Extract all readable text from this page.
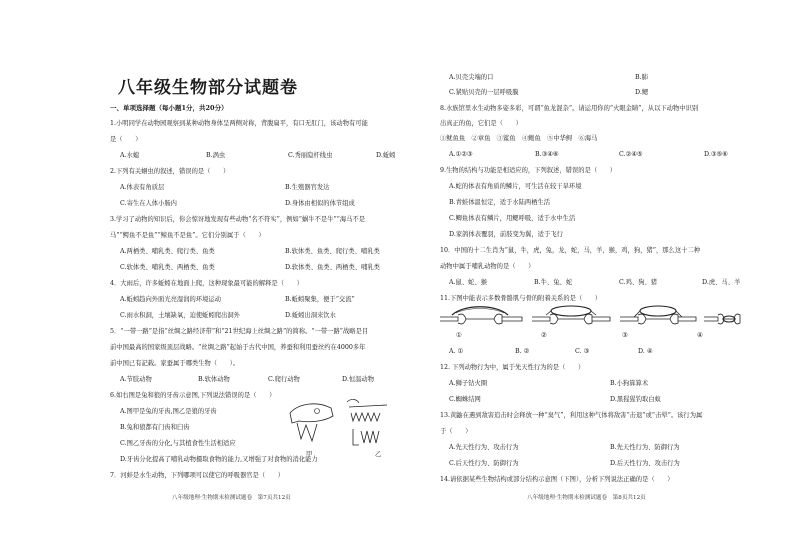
八年级生物部分试题卷
一、单项选择题（每小题1分，共20分）
1.小明同学在动物园观察到某种动物身体呈两侧对称，背腹扁平，有口无肛门，该动物有可能
是（　　）
A.水螅	B.涡虫	C.秀丽隐杆线虫	D.蚯蚓
2.下列有关蛔虫的叙述，错误的是（　　）
A.体表有角质层	B.生殖器官发达
C.寄生在人体小肠内	D.身体由相似的体节组成
3.学习了动物的知识后，你会惊讶地发现有些动物“名不符实”，例如“蜗牛不是牛”“海马不是
马”“鳄鱼不是鱼”“鲸鱼不是鱼”。它们分别属于（　　）
A.两栖类、哺乳类、爬行类、鱼类	B.软体类、鱼类、爬行类、哺乳类
C.软体类、哺乳类、两栖类、鱼类	D.软体类、鱼类、两栖类、哺乳类
4．大雨后，许多蚯蚓在地面上爬，这种现象最可能的解释是（　　）
A.蚯蚓趋向外面光亮湿润的环境运动	B.蚯蚓聚集，便于“交流”
C.雨水积洞，土壤缺氧，迫使蚯蚓爬出洞外	D.蚯蚓出洞来饮水
5．“一带一路”是指“丝绸之路经济带”和“21世纪海上丝绸之路”的简称。“一带一路”战略是目
前中国最高的国家级顶层战略。“丝绸之路”起始于古代中国，养蚕和利用蚕丝约在4000多年
前中国已有記载。家蚕属于哪类生物（　　）。
A.节肢动物	B.软体动物	C.爬行动物	D.恒温动物
6.如右图是兔和狼的牙齿示意图,下列说法错误的是（　　）
A.图甲是兔的牙齿,图乙是狼的牙齿
B.兔和狼都有门齿和臼齿
C.图乙牙齿的分化,与其植食性生活相适应
D.牙齿分化提高了哺乳动物摄取食物的能力,又增强了对食物的消化能力
甲	乙
7．河蚌是水生动物，下列哪项可以使它的呼吸器官是（　　）
八年级地理·生物期末检测试题卷　第7页共12页
A.贝壳尖端的口	B.肺
C.紧贴贝壳的一层呼吸膜	D.鳃
8.水族馆里水生动物多姿多彩，可谓“鱼龙混杂”。请运用你的“火眼金睛”，从以下动物中识别
出真正的鱼，它们是（　　）
①鱿鱼鱼　②章鱼　③鲨鱼　④鲍鱼　⑤中华鲟　⑥海马
A.①②③	B.③④⑥	C.②④⑤	D.③⑤⑥
9.生物的结构与功能是相适应的，下列叙述，错误的是（　　）
A.蛇的体表有角质的鳞片，可生活在较干旱环境
B.青蛙体温恒定，适于水陆两栖生活
C.鲫鱼体表有鳞片，用鳃呼吸，适于水中生活
D.家鸽体表覆羽，前肢变为翼，适于飞行
10．中国的十二生肖为“鼠，牛，虎，兔，龙，蛇，马，羊，猴，鸡，狗，猪”，那么这十二种
动物中属于哺乳动物的是（　　）
A.鼠、蛇、猴	B.牛、兔、蛇	C.鸡、狗、猪	D.虎、马、羊
11.下图中能表示多数骨骼肌与骨的附着关系的是（　　）
①	②	③	④
A. ①	B. ②	C. ③	D. ④
12. 下列动物行为中，属于先天性行为的是（　　）
A.狮子钻火圈	B.小狗算算术
C.蜘蛛结网	D.黑猩猩钓取白蚁
13.黄鼬在遇到敌害追击时会释放一种“臭气”，利用这种气体将敌害“击退”或“击晕”。该行为属
于（　　）
A.先天性行为、攻击行为	B.先天性行为、防御行为
C.后天性行为、防御行为	D.后天性行为、攻击行为
14.请依据某些生物结构或部分结构示意图（下图），分析下列说法正确的是（　　）
八年级地理·生物期末检测试题卷　第8页共12页
